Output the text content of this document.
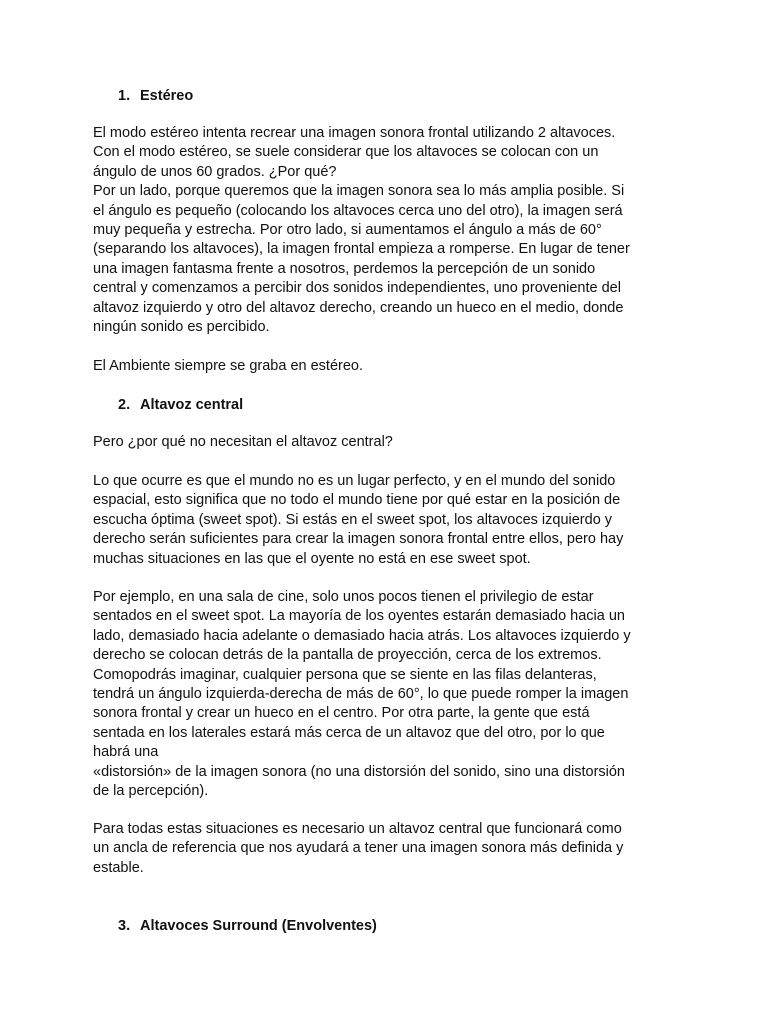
1. Estéreo
El modo estéreo intenta recrear una imagen sonora frontal utilizando 2 altavoces.
Con el modo estéreo, se suele considerar que los altavoces se colocan con un
ángulo de unos 60 grados. ¿Por qué?
Por un lado, porque queremos que la imagen sonora sea lo más amplia posible. Si
el ángulo es pequeño (colocando los altavoces cerca uno del otro), la imagen será
muy pequeña y estrecha. Por otro lado, si aumentamos el ángulo a más de 60°
(separando los altavoces), la imagen frontal empieza a romperse. En lugar de tener
una imagen fantasma frente a nosotros, perdemos la percepción de un sonido
central y comenzamos a percibir dos sonidos independientes, uno proveniente del
altavoz izquierdo y otro del altavoz derecho, creando un hueco en el medio, donde
ningún sonido es percibido.
El Ambiente siempre se graba en estéreo.
2. Altavoz central
Pero ¿por qué no necesitan el altavoz central?
Lo que ocurre es que el mundo no es un lugar perfecto, y en el mundo del sonido
espacial, esto significa que no todo el mundo tiene por qué estar en la posición de
escucha óptima (sweet spot). Si estás en el sweet spot, los altavoces izquierdo y
derecho serán suficientes para crear la imagen sonora frontal entre ellos, pero hay
muchas situaciones en las que el oyente no está en ese sweet spot.
Por ejemplo, en una sala de cine, solo unos pocos tienen el privilegio de estar
sentados en el sweet spot. La mayoría de los oyentes estarán demasiado hacia un
lado, demasiado hacia adelante o demasiado hacia atrás. Los altavoces izquierdo y
derecho se colocan detrás de la pantalla de proyección, cerca de los extremos.
Comopodrás imaginar, cualquier persona que se siente en las filas delanteras,
tendrá un ángulo izquierda-derecha de más de 60°, lo que puede romper la imagen
sonora frontal y crear un hueco en el centro. Por otra parte, la gente que está
sentada en los laterales estará más cerca de un altavoz que del otro, por lo que
habrá una
«distorsión» de la imagen sonora (no una distorsión del sonido, sino una distorsión
de la percepción).
Para todas estas situaciones es necesario un altavoz central que funcionará como
un ancla de referencia que nos ayudará a tener una imagen sonora más definida y
estable.
3. Altavoces Surround (Envolventes)
